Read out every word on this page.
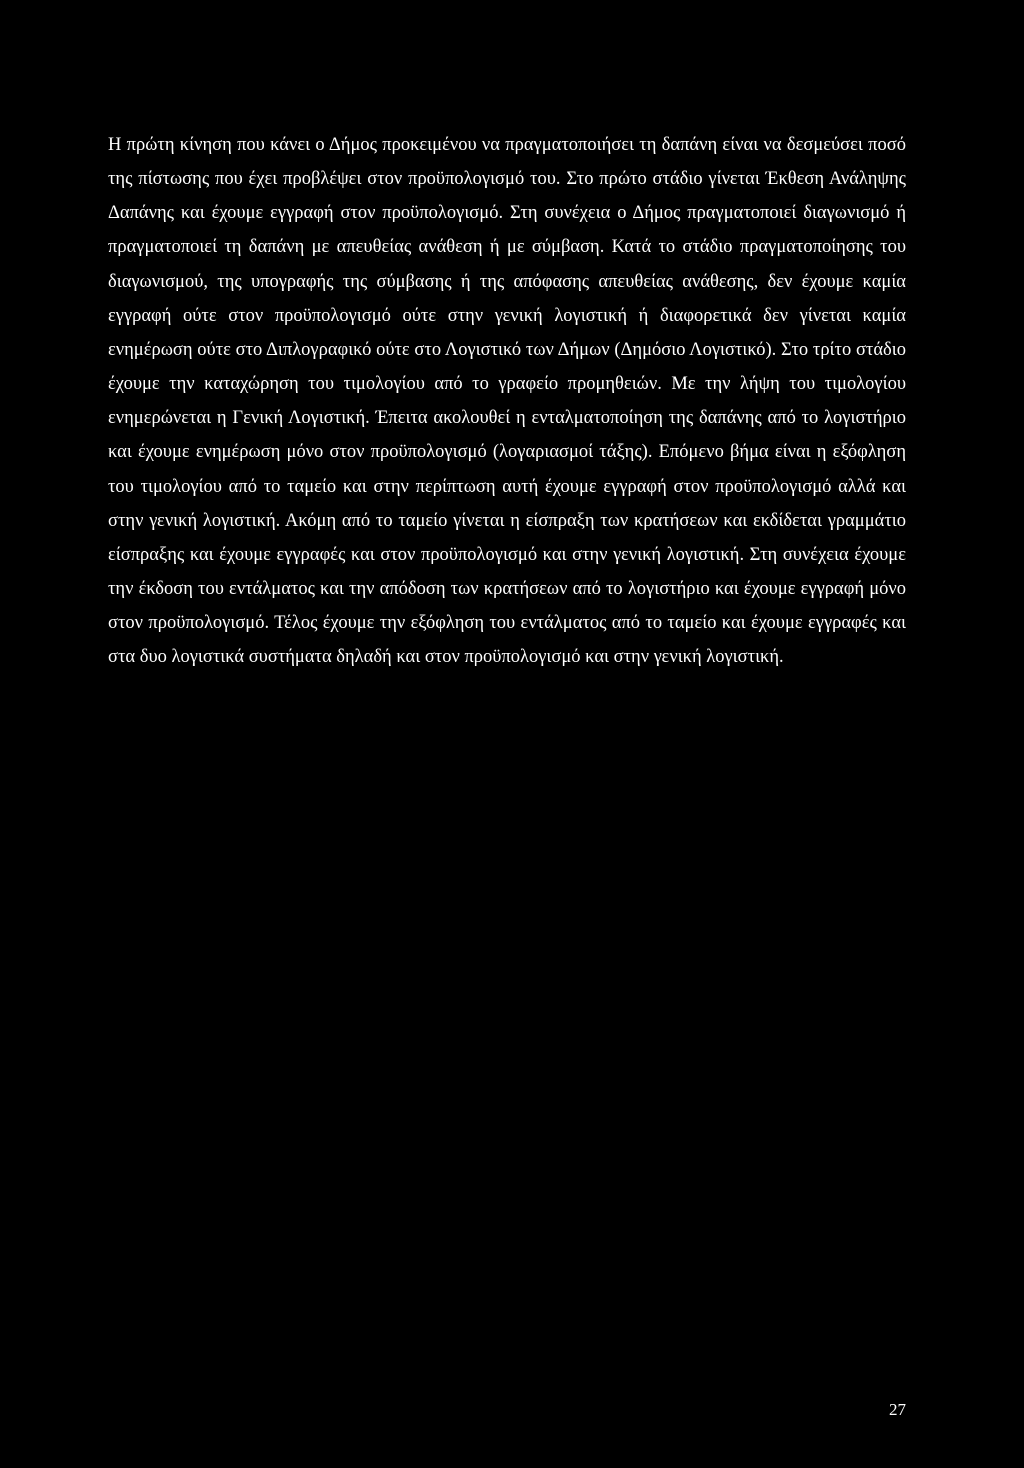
Η πρώτη κίνηση που κάνει ο Δήμος προκειμένου να πραγματοποιήσει τη δαπάνη είναι να δεσμεύσει ποσό της πίστωσης που έχει προβλέψει στον προϋπολογισμό του. Στο πρώτο στάδιο γίνεται Έκθεση Ανάληψης Δαπάνης και έχουμε εγγραφή στον προϋπολογισμό. Στη συνέχεια ο Δήμος πραγματοποιεί διαγωνισμό ή πραγματοποιεί τη δαπάνη με απευθείας ανάθεση ή με σύμβαση. Κατά το στάδιο πραγματοποίησης του διαγωνισμού, της υπογραφής της σύμβασης ή της απόφασης απευθείας ανάθεσης, δεν έχουμε καμία εγγραφή ούτε στον προϋπολογισμό ούτε στην γενική λογιστική ή διαφορετικά δεν γίνεται καμία ενημέρωση ούτε στο Διπλογραφικό ούτε στο Λογιστικό των Δήμων (Δημόσιο Λογιστικό). Στο τρίτο στάδιο έχουμε την καταχώρηση του τιμολογίου από το γραφείο προμηθειών. Με την λήψη του τιμολογίου ενημερώνεται η Γενική Λογιστική. Έπειτα ακολουθεί η ενταλματοποίηση της δαπάνης από το λογιστήριο και έχουμε ενημέρωση μόνο στον προϋπολογισμό (λογαριασμοί τάξης). Επόμενο βήμα είναι η εξόφληση του τιμολογίου από το ταμείο και στην περίπτωση αυτή έχουμε εγγραφή στον προϋπολογισμό αλλά και στην γενική λογιστική. Ακόμη από το ταμείο γίνεται η είσπραξη των κρατήσεων και εκδίδεται γραμμάτιο είσπραξης και έχουμε εγγραφές και στον προϋπολογισμό και στην γενική λογιστική. Στη συνέχεια έχουμε την έκδοση του εντάλματος και την απόδοση των κρατήσεων από το λογιστήριο και έχουμε εγγραφή μόνο στον προϋπολογισμό. Τέλος έχουμε την εξόφληση του εντάλματος από το ταμείο και έχουμε εγγραφές και στα δυο λογιστικά συστήματα δηλαδή και στον προϋπολογισμό και στην γενική λογιστική.

27
